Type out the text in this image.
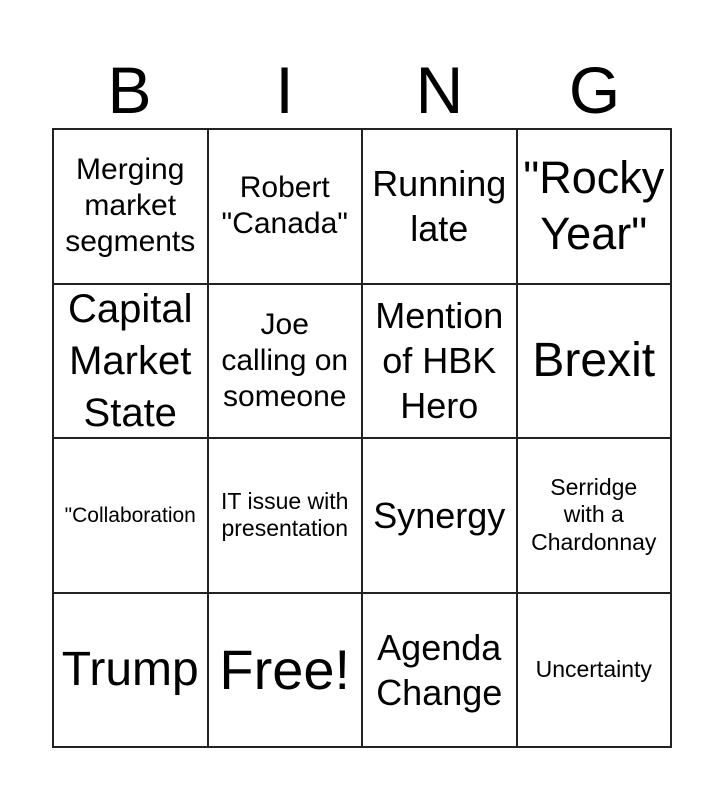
B	I	N	G
Merging
market
segments
Robert
"Canada"
Running
late
"Rocky
Year"
Capital
Market
State
Joe
calling on
someone
Mention
of HBK
Hero
Brexit
"Collaboration
IT issue with
presentation Synergy
Serridge
with a
Chardonnay
Trump Free! Agenda
Change
Uncertainty
